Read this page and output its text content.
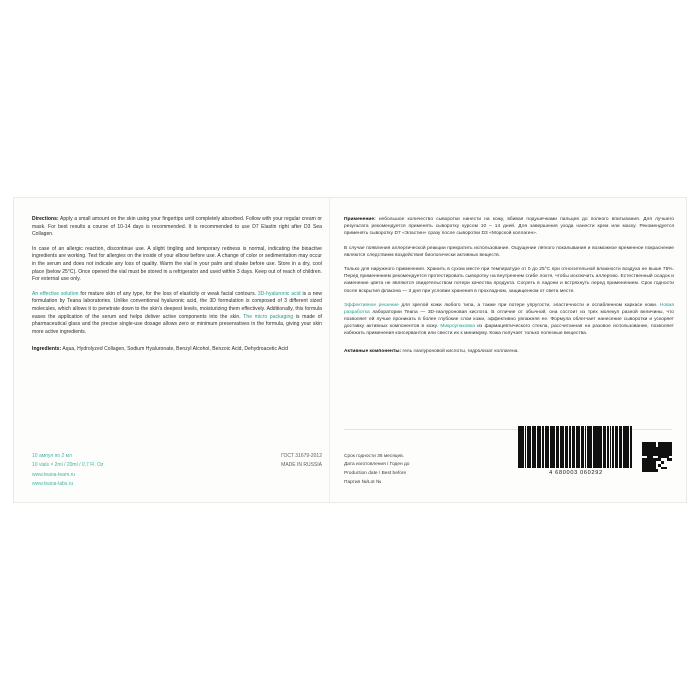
Directions: Apply a small amount on the skin using your fingertips until completely absorbed. Follow with your regular cream or mask. For best results a course of 10-14 days is recommended. It is recommended to use D7 Elastin right after D3 Sea Collagen.

In case of an allergic reaction, discontinue use. A slight tingling and temporary redness is normal, indicating the bioactive ingredients are working. Test for allergies on the inside of your elbow before use. A change of color or sedimentation may occur in the serum and does not indicate any loss of quality. Warm the vial in your palm and shake before use. Store in a dry, cool place (below 25°C). Once opened the vial must be stored in a refrigerator and used within 3 days. Keep out of reach of children. For external use only.

An effective solution for mature skin of any type, for the loss of elasticity or weak facial contours. 3D-hyaluronic acid is a new formulation by Teana laboratories. Unlike conventional hyaluronic acid, the 3D formulation is composed of 3 different sized molecules, which allows it to penetrate down to the skin's deepest levels, moisturizing them effectively. Additionally, this formula eases the application of the serum and helps deliver active components into the skin. The micro packaging is made of pharmaceutical glass and the precise single-use dosage allows zero or minimum preservatives in the formula, giving your skin more active ingredients.

Ingredients: Aqua, Hydrolyzed Collagen, Sodium Hyaluronate, Benzyl Alcohol, Benzoic Acid, Dehydroacetic Acid

Применение: небольшое количество сыворотки нанести на кожу, вбивая подушечками пальцев до полного впитывания. Для лучшего результата рекомендуется применять сыворотку курсом 10 – 14 дней. Для завершения ухода нанести крем или маску. Рекомендуется применять сыворотку D7 «Эластин» сразу после сыворотки D3 «Морской коллаген».

В случае появления аллергической реакции прекратить использование. Ощущение лёгкого покалывания и возможное временное покраснение являются следствием воздействия биологически активных веществ.

Только для наружного применения. Хранить в сухом месте при температуре от 0 до 25°С при относительной влажности воздуха не выше 75%. Перед применением рекомендуется протестировать сыворотку на внутреннем сгибе локтя, чтобы исключить аллергию. Естественный осадок и изменение цвета не являются свидетельством потери качества продукта. Согреть в ладони и встряхнуть перед применением. Срок годности после вскрытия флакона — 3 дня при условии хранения в прохладном, защищенном от света месте.

Эффективное решение для зрелой кожи любого типа, а также при потере упругости, эластичности и ослабленном каркасе кожи. Новая разработка лаборатории Teana — 3D-гиалуроновая кислота. В отличие от обычной, она состоит из трех молекул разной величины, что позволяет ей лучше проникать в более глубокие слои кожи, эффективно увлажняя ее. Формула облегчает нанесение сыворотки и ускоряет доставку активных компонентов в кожу. Микроупаковка из фармацевтического стекла, рассчитанная на разовое использование, позволяет избежать применения консервантов или свести их к минимуму. Кожа получает только полезные вещества.

Активные компоненты: гель гиалуроновой кислоты, гидролизат коллагена.

10 ампул по 2 мл	ГОСТ 31679-2012

10 vials × 2ml / 20ml / 0.7 Fl. Oz	MADE IN RUSSIA

www.teana-team.ru

www.teana-labs.ru

Срок годности 36 месяцев.

Дата изготовления / Годен до

Production date / Best before

Партия №/Lot №

4 680003 060292
